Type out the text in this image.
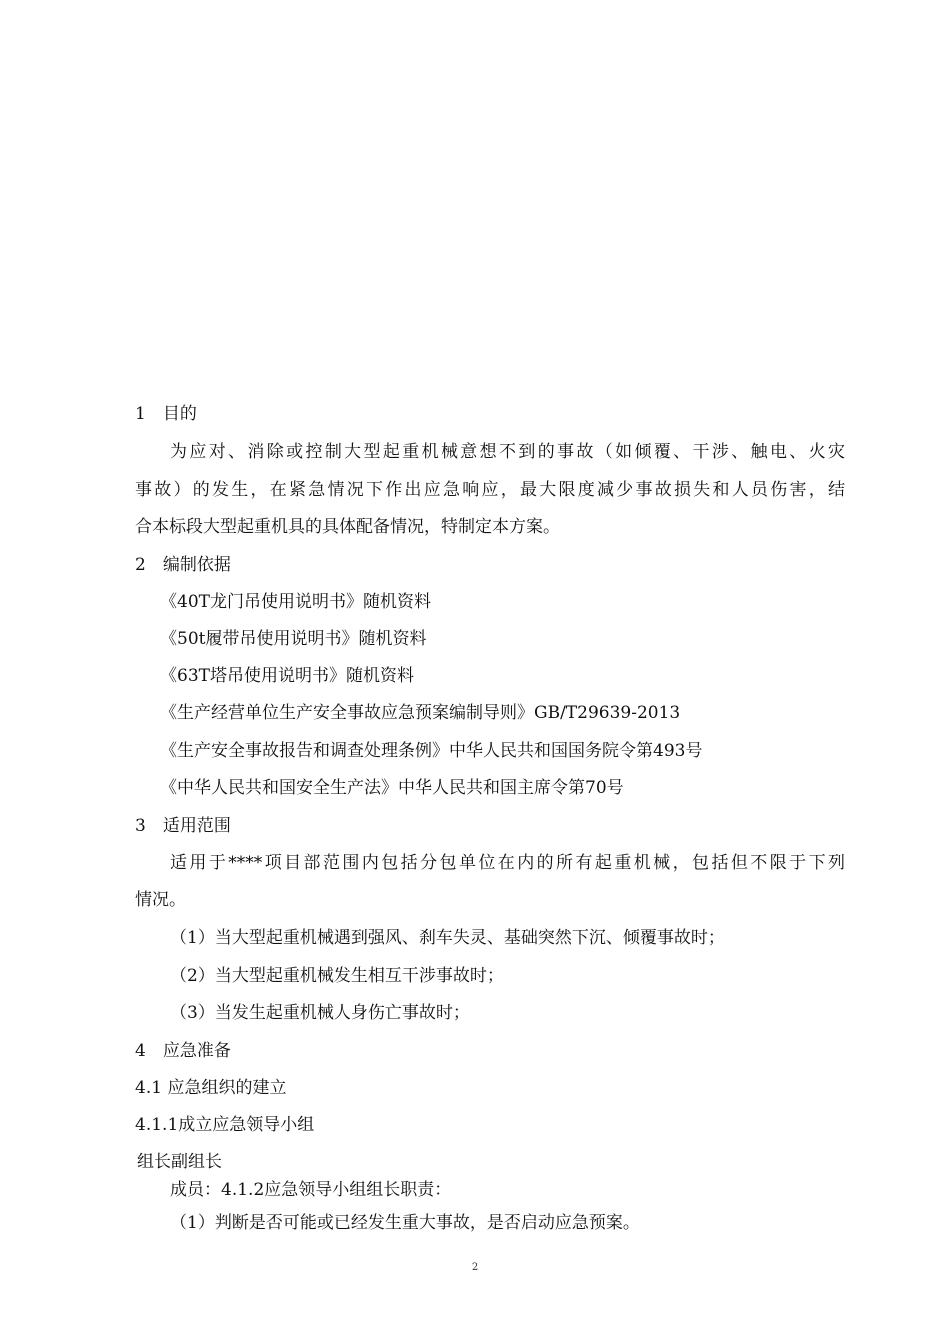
1　目的
为应对、消除或控制大型起重机械意想不到的事故（如倾覆、干涉、触电、火灾
事故）的发生，在紧急情况下作出应急响应，最大限度减少事故损失和人员伤害，结
合本标段大型起重机具的具体配备情况，特制定本方案。
2　编制依据
《40T龙门吊使用说明书》随机资料
《50t履带吊使用说明书》随机资料
《63T塔吊使用说明书》随机资料
《生产经营单位生产安全事故应急预案编制导则》GB/T29639-2013
《生产安全事故报告和调查处理条例》中华人民共和国国务院令第493号
《中华人民共和国安全生产法》中华人民共和国主席令第70号
3　适用范围
适用于****项目部范围内包括分包单位在内的所有起重机械，包括但不限于下列
情况。
（1）当大型起重机械遇到强风、刹车失灵、基础突然下沉、倾覆事故时；
（2）当大型起重机械发生相互干涉事故时；
（3）当发生起重机械人身伤亡事故时；
4　应急准备
4.1 应急组织的建立
4.1.1成立应急领导小组
组长副组长
成员：4.1.2应急领导小组组长职责：
（1）判断是否可能或已经发生重大事故，是否启动应急预案。
2
